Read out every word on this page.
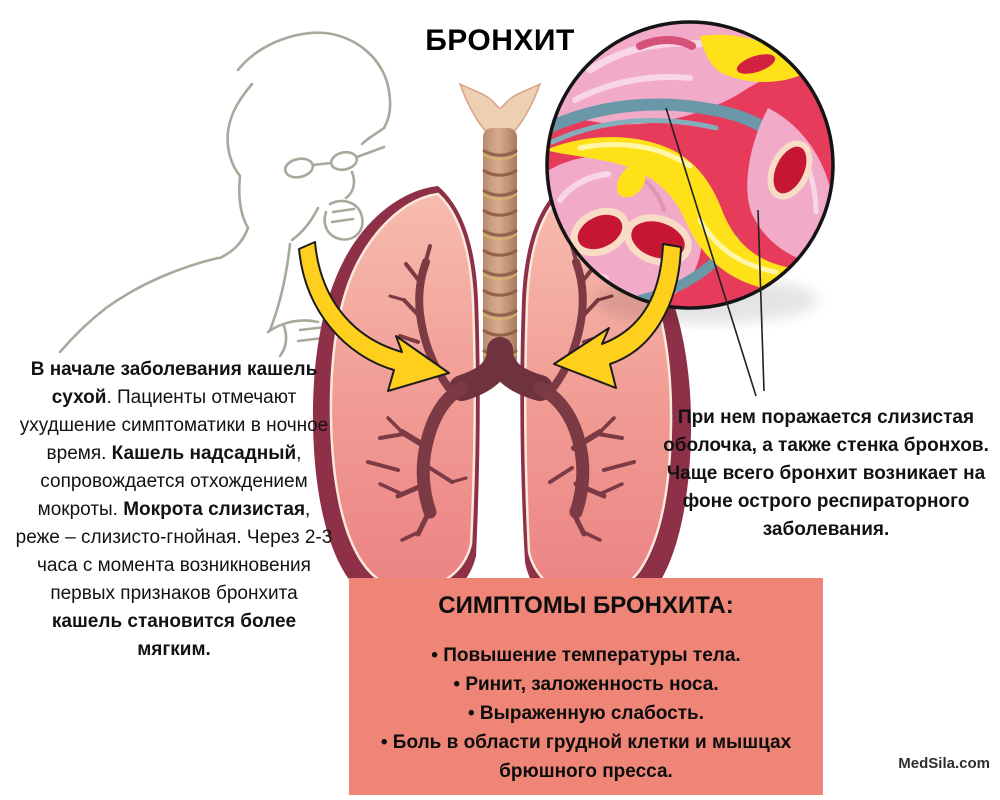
БРОНХИТ
В начале заболевания кашель сухой. Пациенты отмечают ухудшение симптоматики в ночное время. Кашель надсадный, сопровождается отхождением мокроты. Мокрота слизистая, реже – слизисто-гнойная. Через 2-3 часа с момента возникновения первых признаков бронхита кашель становится более мягким.
При нем поражается слизистая оболочка, а также стенка бронхов. Чаще всего бронхит возникает на фоне острого респираторного заболевания.
СИМПТОМЫ БРОНХИТА:
• Повышение температуры тела.
• Ринит, заложенность носа.
• Выраженную слабость.
• Боль в области грудной клетки и мышцах брюшного пресса.	MedSila.com
